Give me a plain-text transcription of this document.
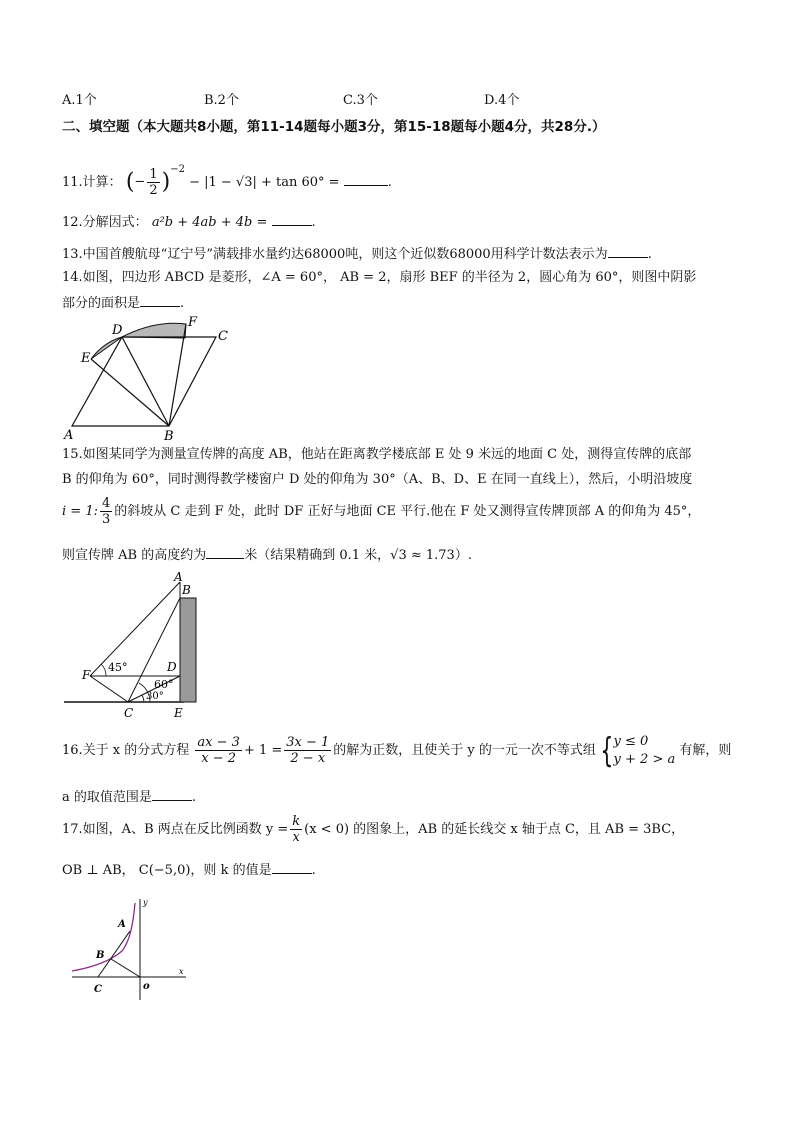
A.1个	B.2个	C.3个	D.4个
二、填空题（本大题共8小题，第11-14题每小题3分，第15-18题每小题4分，共28分.）
11.计算： (− $\frac{1}{2} )^{-2} - |1 - √3| + \tan 60^\circ$ =	.
12.分解因式： a²b + 4ab + 4b =	.
13.中国首艘航母“辽宁号”满载排水量约达68000吨，则这个近似数68000用科学计数法表示为	.
14.如图，四边形 ABCD 是菱形，∠A = 60°， AB = 2，扇形 BEF 的半径为 2，圆心角为 60°，则图中阴影
部分的面积是	.
A	B
C
D
E
F
15.如图某同学为测量宣传牌的高度 AB，他站在距离教学楼底部 E 处 9 米远的地面 C 处，测得宣传牌的底部
B 的仰角为 60°，同时测得教学楼窗户 D 处的仰角为 30°（A、B、D、E 在同一直线上），然后，小明沿坡度
i = 1: $\frac{4}{3}$ 的斜坡从 C 走到 F 处，此时 DF 正好与地面 CE 平行.他在 F 处又测得宣传牌顶部 A 的仰角为 45°，
则宣传牌 AB 的高度约为	米（结果精确到 0.1 米，√3 ≈ 1.73）.
A
B
D
F
C	E
45°
60°
30°
16.关于 x 的分式方程 $\frac{ax - 3}{x - 2} + 1 = \frac{3x - 1}{2 - x}$ 的解为正数，且使关于 y 的一元一次不等式组 { y ≤ 0
y + 2 > a
有解，则
a 的取值范围是	.
17.如图，A、B 两点在反比例函数 $y = \frac{k}{x} (x < 0)$ 的图象上，AB 的延长线交 x 轴于点 C，且 AB = 3BC，
OB ⊥ AB， C(−5,0)，则 k 的值是	.
A
B
C	o
x
y
